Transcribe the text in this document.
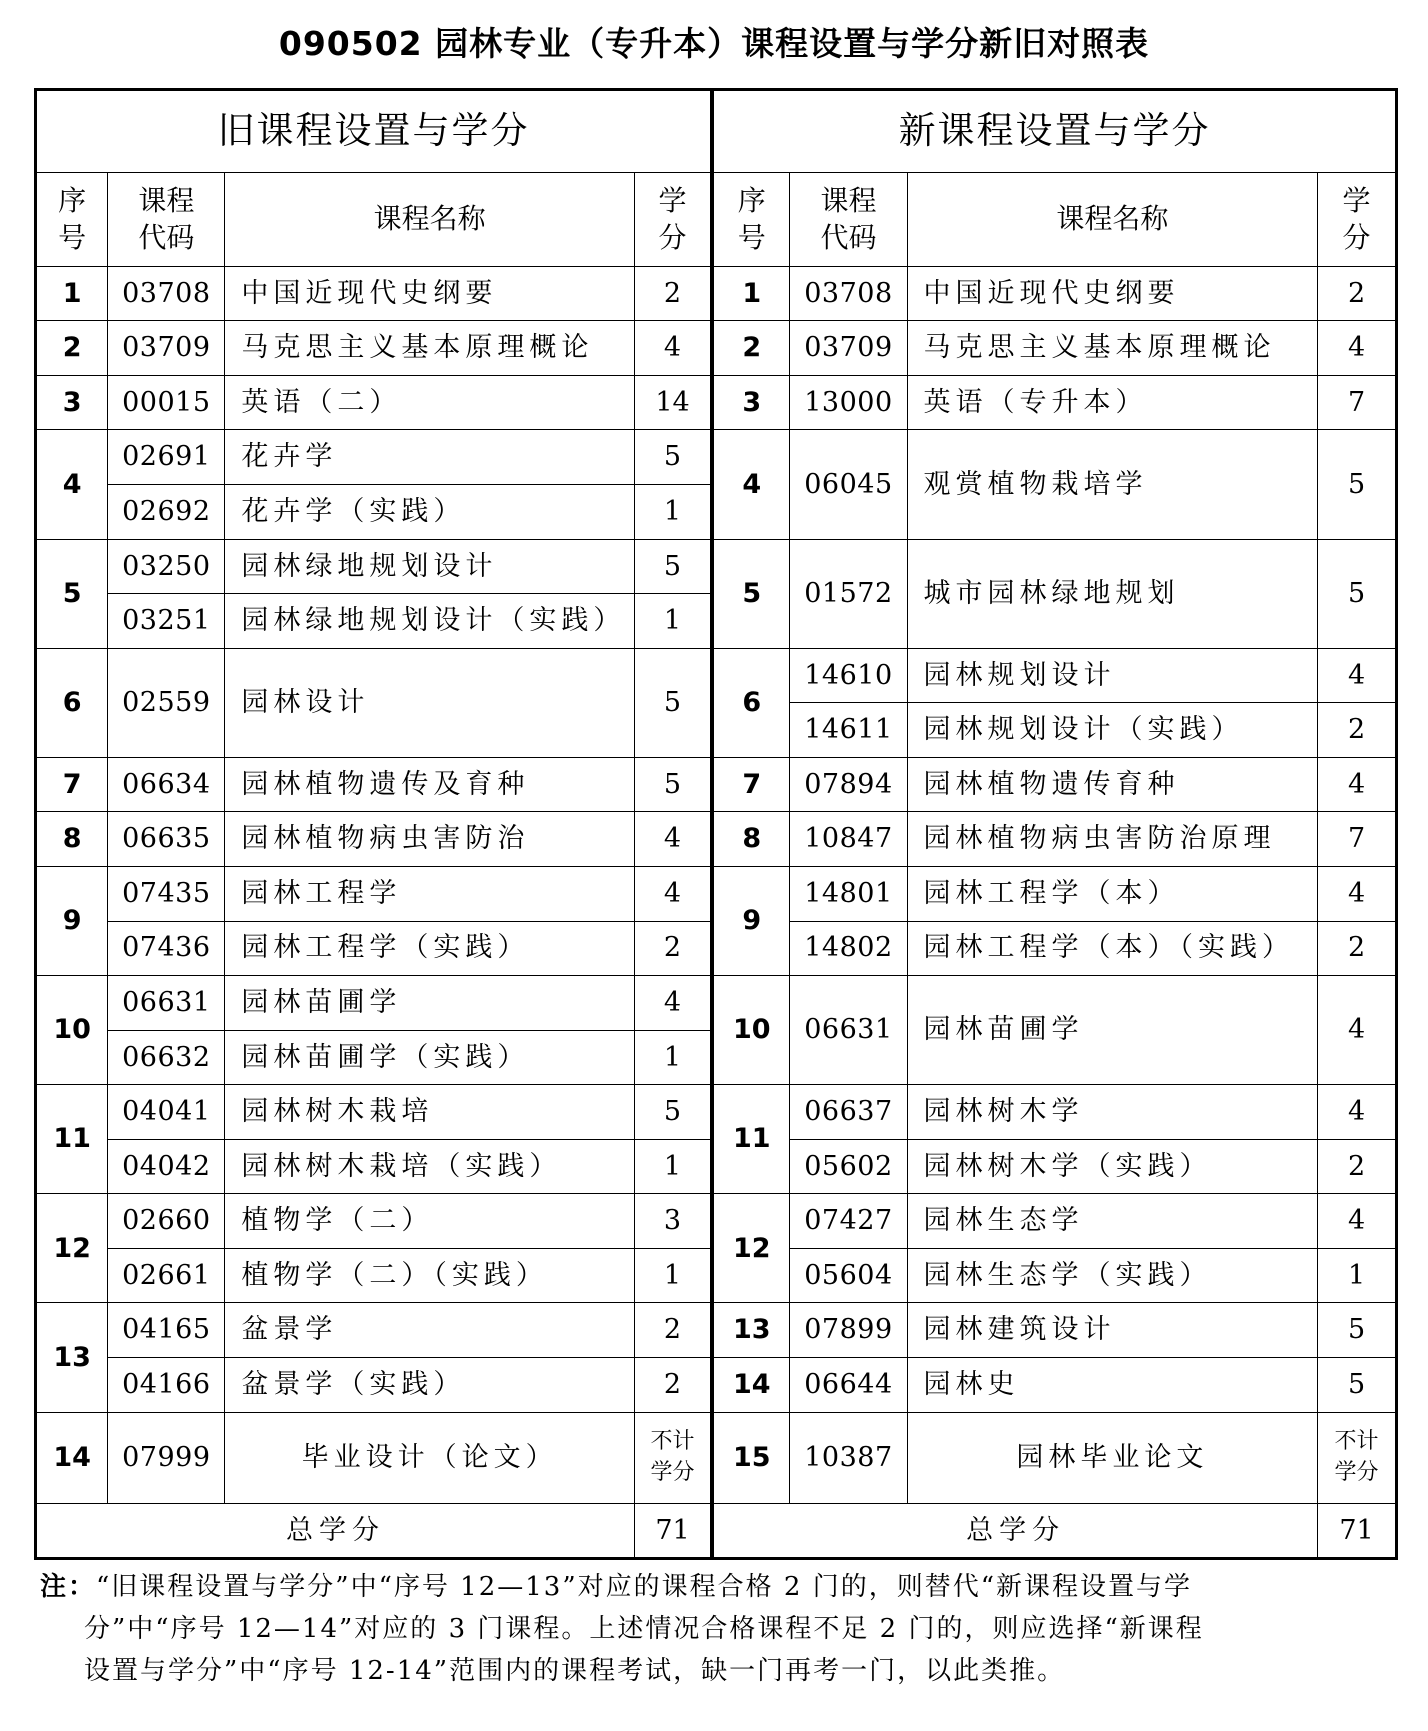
090502 园林专业（专升本）课程设置与学分新旧对照表
旧课程设置与学分				新课程设置与学分			
序号	课程代码	课程名称	学分	序号	课程代码	课程名称	学分
1	03708	中国近现代史纲要	2	1	03708	中国近现代史纲要	2
2	03709	马克思主义基本原理概论	4	2	03709	马克思主义基本原理概论	4
3	00015	英语（二）	14	3	13000	英语（专升本）	7
4	02691	花卉学	5	4	06045	观赏植物栽培学	5
	02692	花卉学（实践）	1				
5	03250	园林绿地规划设计	5	5	01572	城市园林绿地规划	5
	03251	园林绿地规划设计（实践）	1				
6	02559	园林设计	5	6	14610	园林规划设计	4
					14611	园林规划设计（实践）	2
7	06634	园林植物遗传及育种	5	7	07894	园林植物遗传育种	4
8	06635	园林植物病虫害防治	4	8	10847	园林植物病虫害防治原理	7
9	07435	园林工程学	4	9	14801	园林工程学（本）	4
	07436	园林工程学（实践）	2		14802	园林工程学（本）（实践）	2
10	06631	园林苗圃学	4	10	06631	园林苗圃学	4
	06632	园林苗圃学（实践）	1				
11	04041	园林树木栽培	5	11	06637	园林树木学	4
	04042	园林树木栽培（实践）	1		05602	园林树木学（实践）	2
12	02660	植物学（二）	3	12	07427	园林生态学	4
	02661	植物学（二）（实践）	1		05604	园林生态学（实践）	1
13	04165	盆景学	2	13	07899	园林建筑设计	5
	04166	盆景学（实践）	2	14	06644	园林史	5
14	07999	毕业设计（论文）	不计学分	15	10387	园林毕业论文	不计学分
总学分			71	总学分			71
注：“旧课程设置与学分”中“序号 12—13”对应的课程合格 2 门的，则替代“新课程设置与学
分”中“序号 12—14”对应的 3 门课程。上述情况合格课程不足 2 门的，则应选择“新课程
设置与学分”中“序号 12-14”范围内的课程考试，缺一门再考一门，以此类推。
